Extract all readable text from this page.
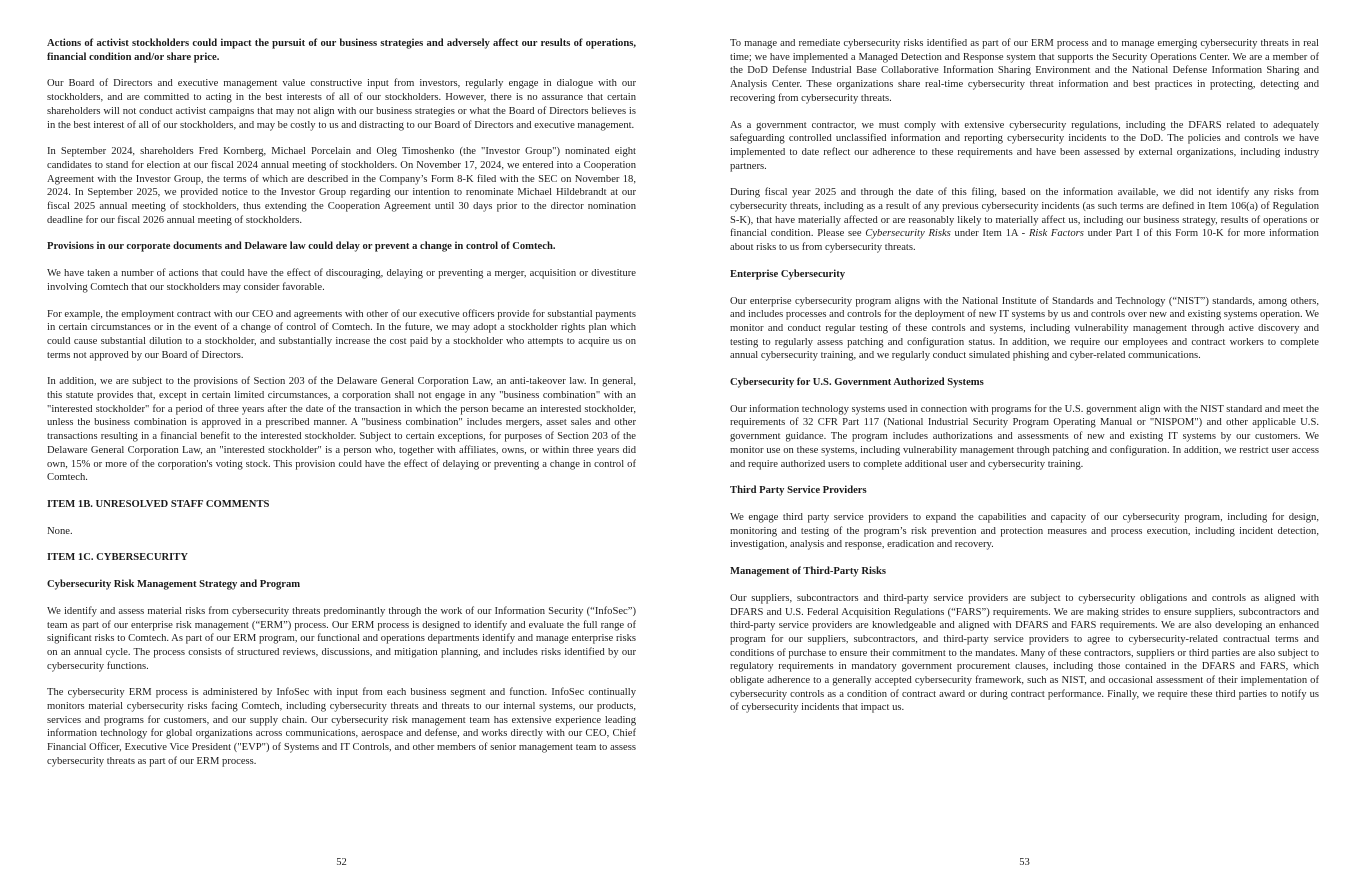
Actions of activist stockholders could impact the pursuit of our business strategies and adversely affect our results of operations, financial condition and/or share price.

Our Board of Directors and executive management value constructive input from investors, regularly engage in dialogue with our stockholders, and are committed to acting in the best interests of all of our stockholders. However, there is no assurance that certain shareholders will not conduct activist campaigns that may not align with our business strategies or what the Board of Directors believes is in the best interest of all of our stockholders, and may be costly to us and distracting to our Board of Directors and executive management.

In September 2024, shareholders Fred Kornberg, Michael Porcelain and Oleg Timoshenko (the "Investor Group") nominated eight candidates to stand for election at our fiscal 2024 annual meeting of stockholders. On November 17, 2024, we entered into a Cooperation Agreement with the Investor Group, the terms of which are described in the Company’s Form 8-K filed with the SEC on November 18, 2024. In September 2025, we provided notice to the Investor Group regarding our intention to renominate Michael Hildebrandt at our fiscal 2025 annual meeting of stockholders, thus extending the Cooperation Agreement until 30 days prior to the director nomination deadline for our fiscal 2026 annual meeting of stockholders.

Provisions in our corporate documents and Delaware law could delay or prevent a change in control of Comtech.

We have taken a number of actions that could have the effect of discouraging, delaying or preventing a merger, acquisition or divestiture involving Comtech that our stockholders may consider favorable.

For example, the employment contract with our CEO and agreements with other of our executive officers provide for substantial payments in certain circumstances or in the event of a change of control of Comtech. In the future, we may adopt a stockholder rights plan which could cause substantial dilution to a stockholder, and substantially increase the cost paid by a stockholder who attempts to acquire us on terms not approved by our Board of Directors.

In addition, we are subject to the provisions of Section 203 of the Delaware General Corporation Law, an anti-takeover law. In general, this statute provides that, except in certain limited circumstances, a corporation shall not engage in any "business combination" with an "interested stockholder" for a period of three years after the date of the transaction in which the person became an interested stockholder, unless the business combination is approved in a prescribed manner. A "business combination" includes mergers, asset sales and other transactions resulting in a financial benefit to the interested stockholder. Subject to certain exceptions, for purposes of Section 203 of the Delaware General Corporation Law, an "interested stockholder" is a person who, together with affiliates, owns, or within three years did own, 15% or more of the corporation's voting stock. This provision could have the effect of delaying or preventing a change in control of Comtech.

ITEM 1B. UNRESOLVED STAFF COMMENTS

None.

ITEM 1C. CYBERSECURITY

Cybersecurity Risk Management Strategy and Program

We identify and assess material risks from cybersecurity threats predominantly through the work of our Information Security (“InfoSec”) team as part of our enterprise risk management (“ERM”) process. Our ERM process is designed to identify and evaluate the full range of significant risks to Comtech. As part of our ERM program, our functional and operations departments identify and manage enterprise risks on an annual cycle. The process consists of structured reviews, discussions, and mitigation planning, and includes risks identified by our cybersecurity functions.

The cybersecurity ERM process is administered by InfoSec with input from each business segment and function. InfoSec continually monitors material cybersecurity risks facing Comtech, including cybersecurity threats and threats to our internal systems, our products, services and programs for customers, and our supply chain. Our cybersecurity risk management team has extensive experience leading information technology for global organizations across communications, aerospace and defense, and works directly with our CEO, Chief Financial Officer, Executive Vice President ("EVP") of Systems and IT Controls, and other members of senior management team to assess cybersecurity threats as part of our ERM process.

52

To manage and remediate cybersecurity risks identified as part of our ERM process and to manage emerging cybersecurity threats in real time; we have implemented a Managed Detection and Response system that supports the Security Operations Center. We are a member of the DoD Defense Industrial Base Collaborative Information Sharing Environment and the National Defense Information Sharing and Analysis Center. These organizations share real-time cybersecurity threat information and best practices in protecting, detecting and recovering from cybersecurity threats.

As a government contractor, we must comply with extensive cybersecurity regulations, including the DFARS related to adequately safeguarding controlled unclassified information and reporting cybersecurity incidents to the DoD. The policies and controls we have implemented to date reflect our adherence to these requirements and have been assessed by external organizations, including industry partners.

During fiscal year 2025 and through the date of this filing, based on the information available, we did not identify any risks from cybersecurity threats, including as a result of any previous cybersecurity incidents (as such terms are defined in Item 106(a) of Regulation S-K), that have materially affected or are reasonably likely to materially affect us, including our business strategy, results of operations or financial condition. Please see Cybersecurity Risks under Item 1A - Risk Factors under Part I of this Form 10-K for more information about risks to us from cybersecurity threats.

Enterprise Cybersecurity

Our enterprise cybersecurity program aligns with the National Institute of Standards and Technology (“NIST”) standards, among others, and includes processes and controls for the deployment of new IT systems by us and controls over new and existing systems operation. We monitor and conduct regular testing of these controls and systems, including vulnerability management through active discovery and testing to regularly assess patching and configuration status. In addition, we require our employees and contract workers to complete annual cybersecurity training, and we regularly conduct simulated phishing and cyber-related communications.

Cybersecurity for U.S. Government Authorized Systems

Our information technology systems used in connection with programs for the U.S. government align with the NIST standard and meet the requirements of 32 CFR Part 117 (National Industrial Security Program Operating Manual or "NISPOM") and other applicable U.S. government guidance. The program includes authorizations and assessments of new and existing IT systems by our customers. We monitor use on these systems, including vulnerability management through patching and configuration. In addition, we restrict user access and require authorized users to complete additional user and cybersecurity training.

Third Party Service Providers

We engage third party service providers to expand the capabilities and capacity of our cybersecurity program, including for design, monitoring and testing of the program’s risk prevention and protection measures and process execution, including incident detection, investigation, analysis and response, eradication and recovery.

Management of Third-Party Risks

Our suppliers, subcontractors and third-party service providers are subject to cybersecurity obligations and controls as aligned with DFARS and U.S. Federal Acquisition Regulations (“FARS”) requirements. We are making strides to ensure suppliers, subcontractors and third-party service providers are knowledgeable and aligned with DFARS and FARS requirements. We are also developing an enhanced program for our suppliers, subcontractors, and third-party service providers to agree to cybersecurity-related contractual terms and conditions of purchase to ensure their commitment to the mandates. Many of these contractors, suppliers or third parties are also subject to regulatory requirements in mandatory government procurement clauses, including those contained in the DFARS and FARS, which obligate adherence to a generally accepted cybersecurity framework, such as NIST, and occasional assessment of their implementation of cybersecurity controls as a condition of contract award or during contract performance. Finally, we require these third parties to notify us of cybersecurity incidents that impact us.

53
